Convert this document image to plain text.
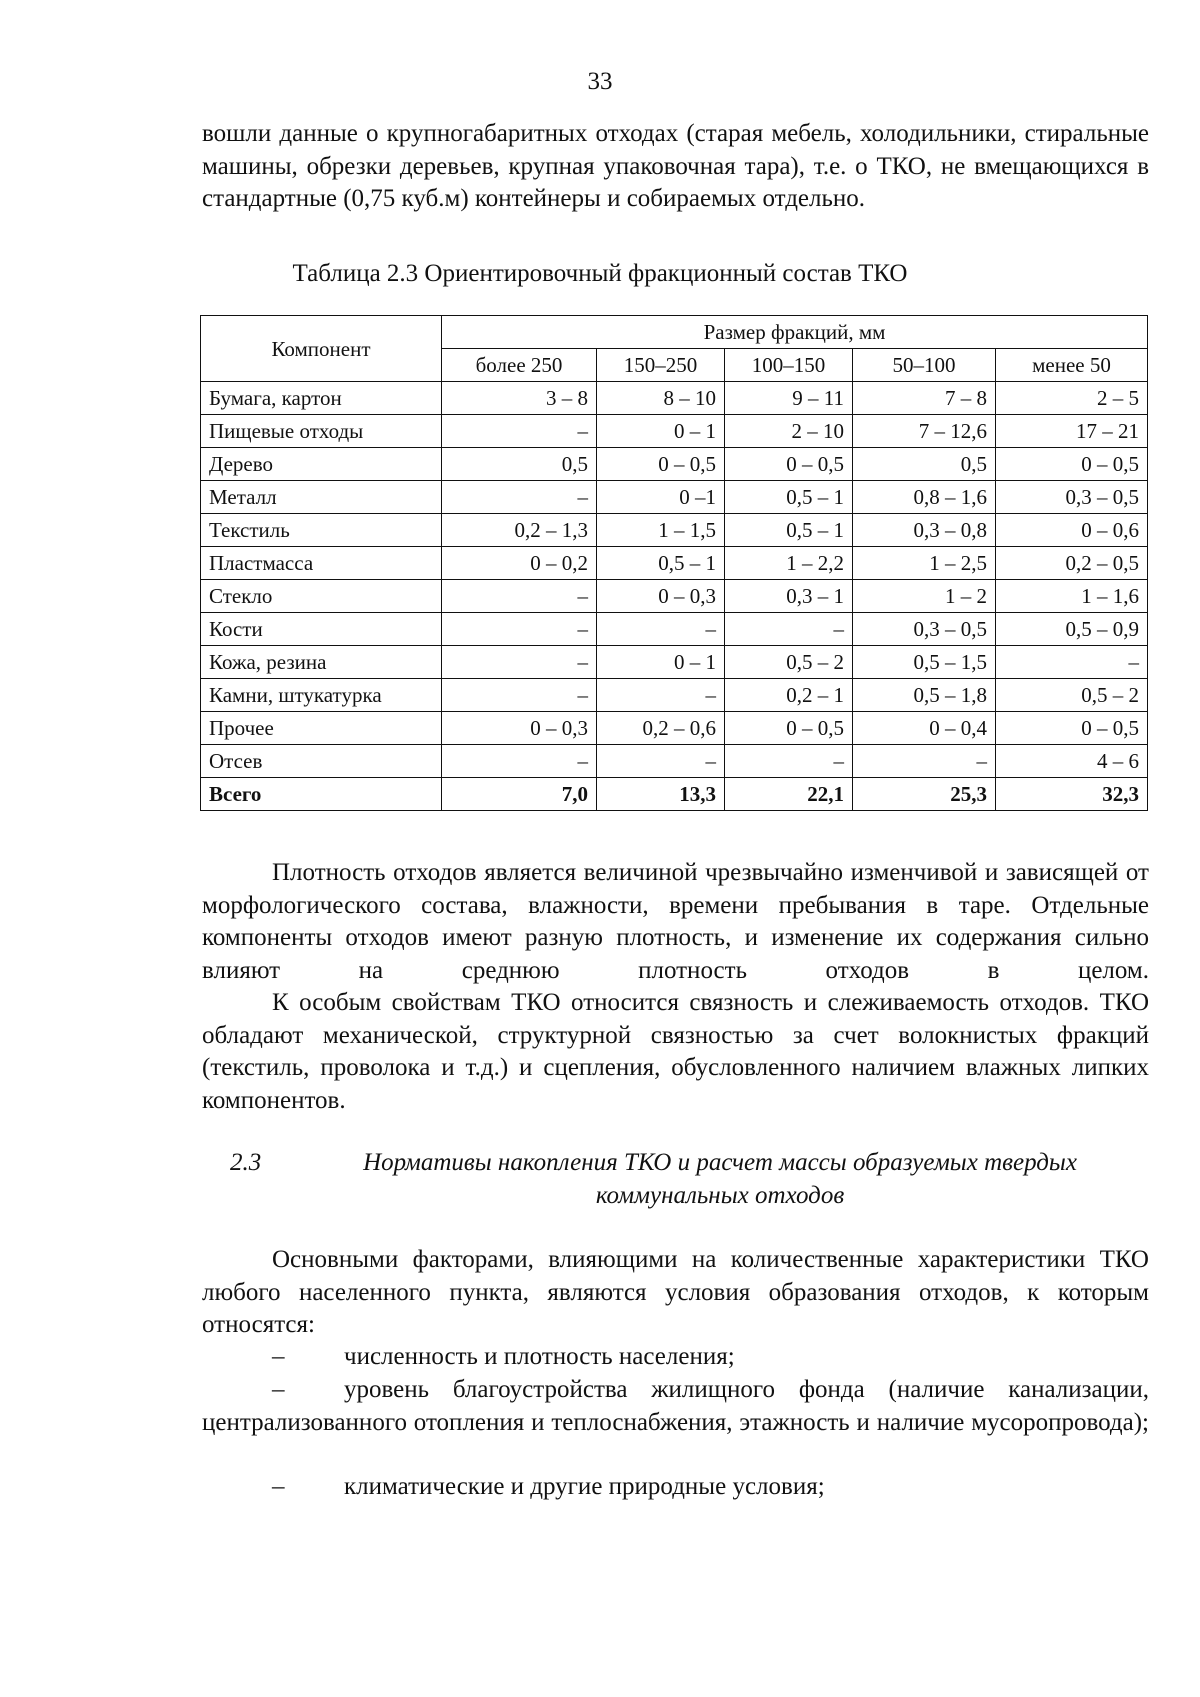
33

вошли данные о крупногабаритных отходах (старая мебель, холодильники, стиральные машины, обрезки деревьев, крупная упаковочная тара), т.е. о ТКО, не вмещающихся в стандартные (0,75 куб.м) контейнеры и собираемых отдельно.

Таблица 2.3 Ориентировочный фракционный состав ТКО
Компонент	Размер фракций, мм				
	более 250	150–250	100–150	50–100	менее 50
Бумага, картон	3 – 8	8 – 10	9 – 11	7 – 8	2 – 5
Пищевые отходы	–	0 – 1	2 – 10	7 – 12,6	17 – 21
Дерево	0,5	0 – 0,5	0 – 0,5	0,5	0 – 0,5
Металл	–	0 –1	0,5 – 1	0,8 – 1,6	0,3 – 0,5
Текстиль	0,2 – 1,3	1 – 1,5	0,5 – 1	0,3 – 0,8	0 – 0,6
Пластмасса	0 – 0,2	0,5 – 1	1 – 2,2	1 – 2,5	0,2 – 0,5
Стекло	–	0 – 0,3	0,3 – 1	1 – 2	1 – 1,6
Кости	–	–	–	0,3 – 0,5	0,5 – 0,9
Кожа, резина	–	0 – 1	0,5 – 2	0,5 – 1,5	–
Камни, штукатурка	–	–	0,2 – 1	0,5 – 1,8	0,5 – 2
Прочее	0 – 0,3	0,2 – 0,6	0 – 0,5	0 – 0,4	0 – 0,5
Отсев	–	–	–	–	4 – 6
Всего	7,0	13,3	22,1	25,3	32,3

Плотность отходов является величиной чрезвычайно изменчивой и зависящей от морфологического состава, влажности, времени пребывания в таре. Отдельные компоненты отходов имеют разную плотность, и изменение их содержания сильно влияют на среднюю плотность отходов в целом.

К особым свойствам ТКО относится связность и слеживаемость отходов. ТКО обладают механической, структурной связностью за счет волокнистых фракций (текстиль, проволока и т.д.) и сцепления, обусловленного наличием влажных липких компонентов.

2.3	Нормативы накопления ТКО и расчет массы образуемых твердых коммунальных отходов

Основными факторами, влияющими на количественные характеристики ТКО любого населенного пункта, являются условия образования отходов, к которым относятся:

–	численность и плотность населения;
–	уровень благоустройства жилищного фонда (наличие канализации, централизованного отопления и теплоснабжения, этажность и наличие мусоропровода);
–	климатические и другие природные условия;
